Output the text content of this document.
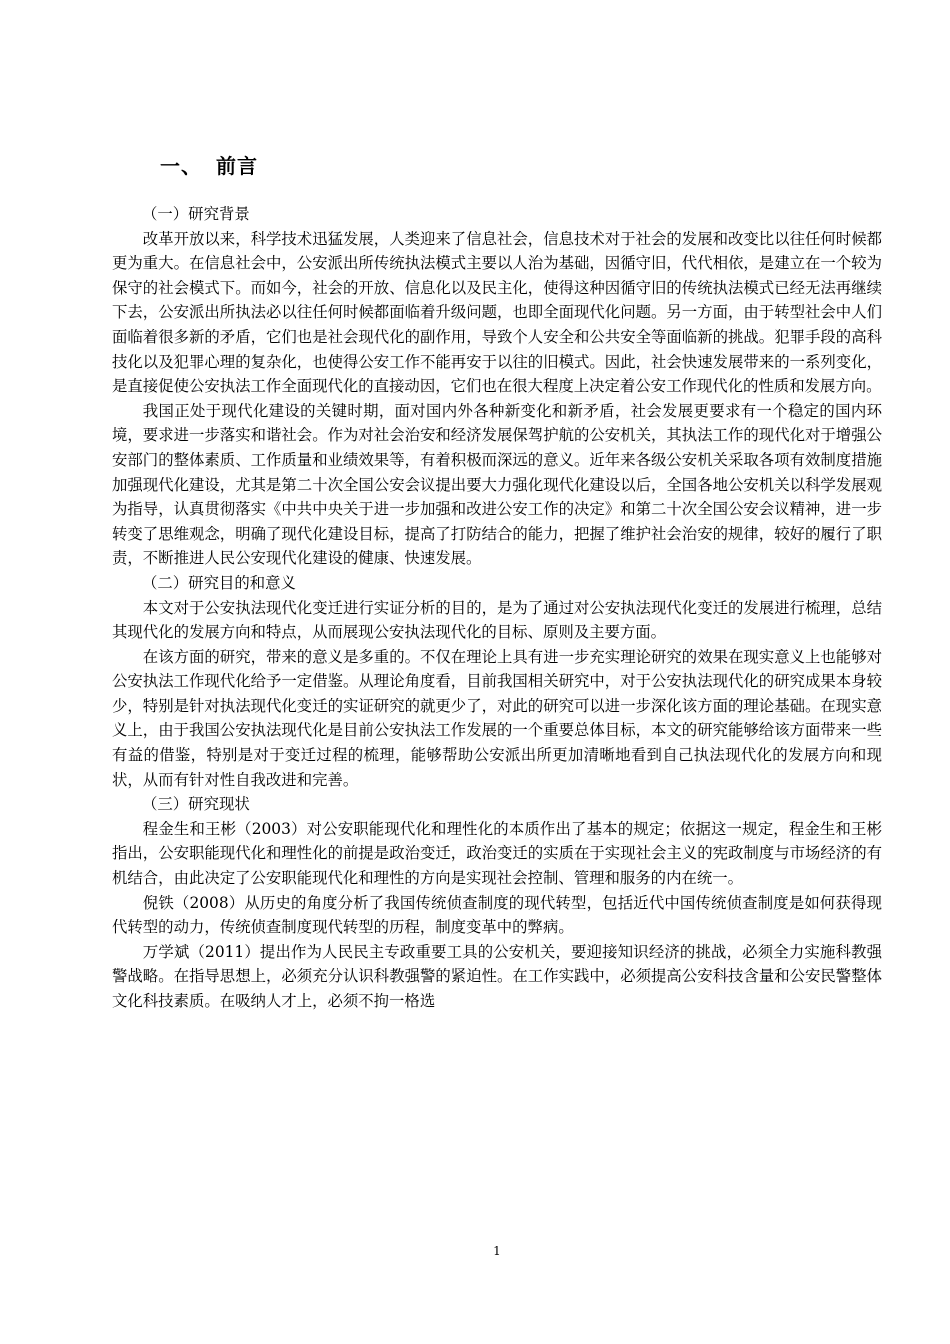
一、 前言

（一）研究背景

改革开放以来，科学技术迅猛发展，人类迎来了信息社会，信息技术对于社会的发展和改变比以往任何时候都更为重大。在信息社会中，公安派出所传统执法模式主要以人治为基础，因循守旧，代代相依，是建立在一个较为保守的社会模式下。而如今，社会的开放、信息化以及民主化，使得这种因循守旧的传统执法模式已经无法再继续下去，公安派出所执法必以往任何时候都面临着升级问题，也即全面现代化问题。另一方面，由于转型社会中人们面临着很多新的矛盾，它们也是社会现代化的副作用，导致个人安全和公共安全等面临新的挑战。犯罪手段的高科技化以及犯罪心理的复杂化，也使得公安工作不能再安于以往的旧模式。因此，社会快速发展带来的一系列变化，是直接促使公安执法工作全面现代化的直接动因，它们也在很大程度上决定着公安工作现代化的性质和发展方向。

我国正处于现代化建设的关键时期，面对国内外各种新变化和新矛盾，社会发展更要求有一个稳定的国内环境，要求进一步落实和谐社会。作为对社会治安和经济发展保驾护航的公安机关，其执法工作的现代化对于增强公安部门的整体素质、工作质量和业绩效果等，有着积极而深远的意义。近年来各级公安机关采取各项有效制度措施加强现代化建设，尤其是第二十次全国公安会议提出要大力强化现代化建设以后，全国各地公安机关以科学发展观为指导，认真贯彻落实《中共中央关于进一步加强和改进公安工作的决定》和第二十次全国公安会议精神，进一步转变了思维观念，明确了现代化建设目标，提高了打防结合的能力，把握了维护社会治安的规律，较好的履行了职责，不断推进人民公安现代化建设的健康、快速发展。

（二）研究目的和意义

本文对于公安执法现代化变迁进行实证分析的目的，是为了通过对公安执法现代化变迁的发展进行梳理，总结其现代化的发展方向和特点，从而展现公安执法现代化的目标、原则及主要方面。

在该方面的研究，带来的意义是多重的。不仅在理论上具有进一步充实理论研究的效果在现实意义上也能够对公安执法工作现代化给予一定借鉴。从理论角度看，目前我国相关研究中，对于公安执法现代化的研究成果本身较少，特别是针对执法现代化变迁的实证研究的就更少了，对此的研究可以进一步深化该方面的理论基础。在现实意义上，由于我国公安执法现代化是目前公安执法工作发展的一个重要总体目标，本文的研究能够给该方面带来一些有益的借鉴，特别是对于变迁过程的梳理，能够帮助公安派出所更加清晰地看到自己执法现代化的发展方向和现状，从而有针对性自我改进和完善。

（三）研究现状

程金生和王彬（2003）对公安职能现代化和理性化的本质作出了基本的规定；依据这一规定，程金生和王彬指出，公安职能现代化和理性化的前提是政治变迁，政治变迁的实质在于实现社会主义的宪政制度与市场经济的有机结合，由此决定了公安职能现代化和理性的方向是实现社会控制、管理和服务的内在统一。

倪铁（2008）从历史的角度分析了我国传统侦查制度的现代转型，包括近代中国传统侦查制度是如何获得现代转型的动力，传统侦查制度现代转型的历程，制度变革中的弊病。

万学斌（2011）提出作为人民民主专政重要工具的公安机关，要迎接知识经济的挑战，必须全力实施科教强警战略。在指导思想上，必须充分认识科教强警的紧迫性。在工作实践中，必须提高公安科技含量和公安民警整体文化科技素质。在吸纳人才上，必须不拘一格选

1
